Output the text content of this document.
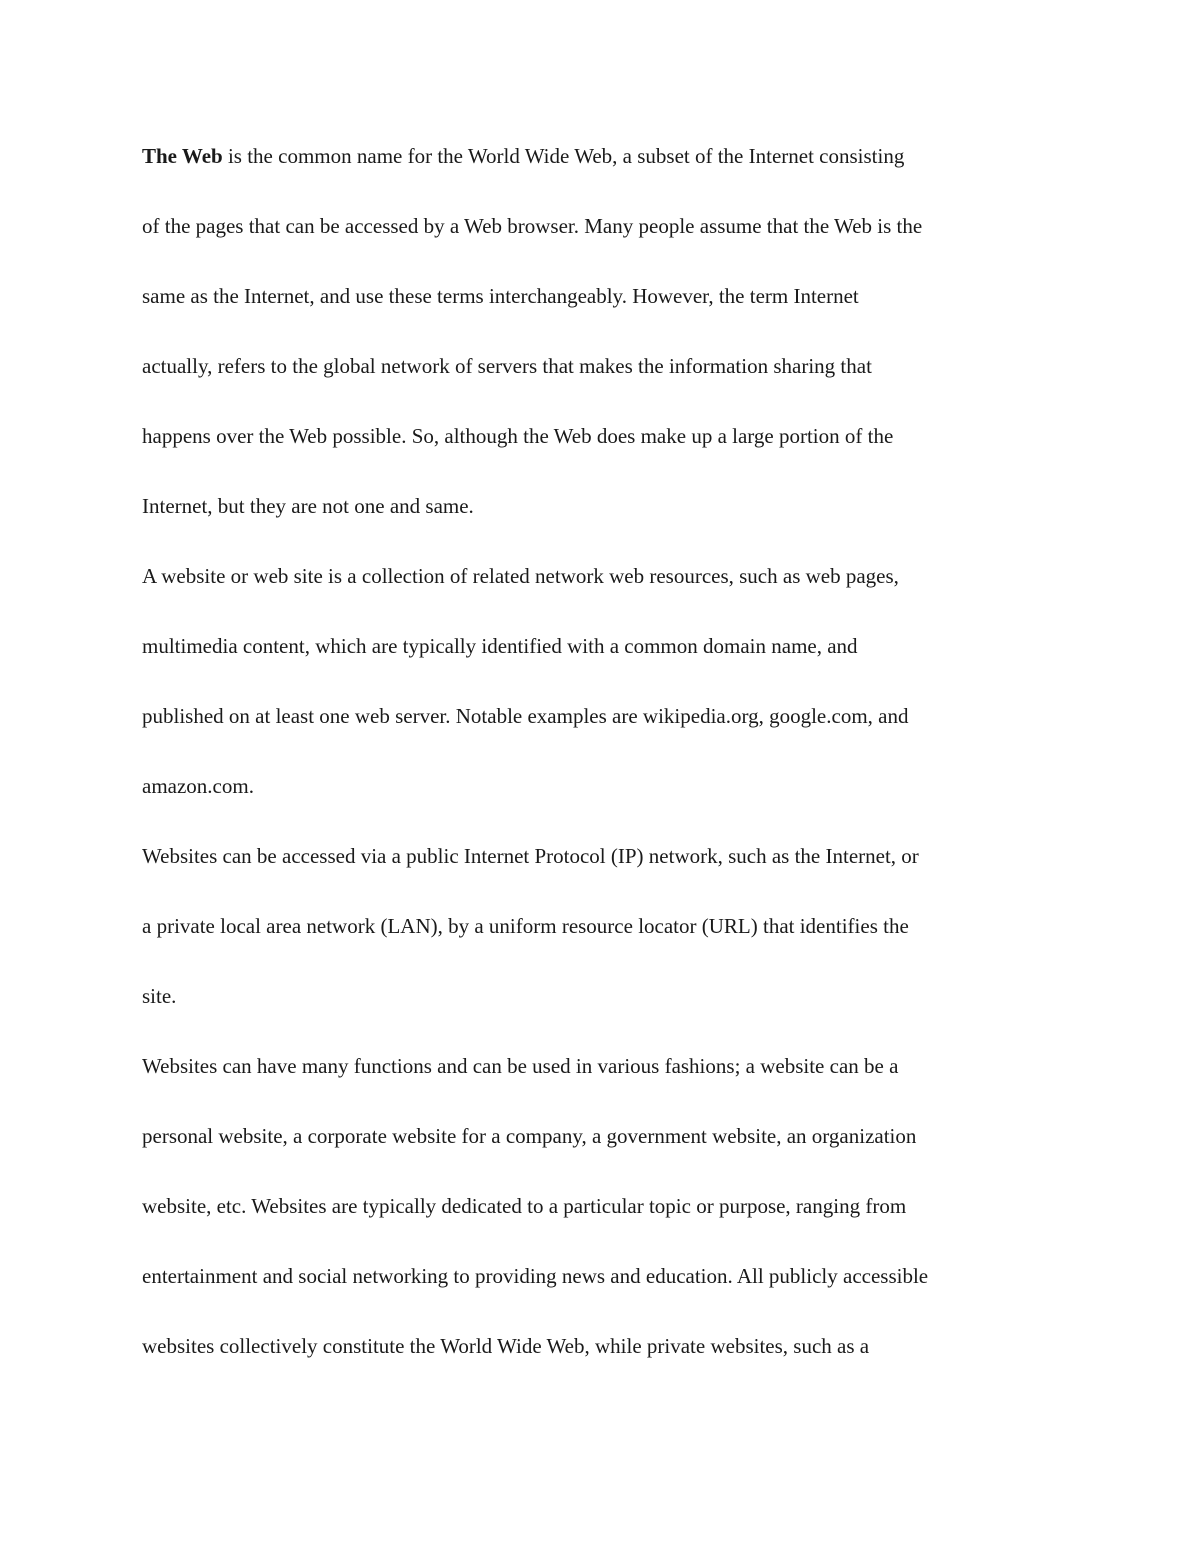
The Web is the common name for the World Wide Web, a subset of the Internet consisting
of the pages that can be accessed by a Web browser. Many people assume that the Web is the
same as the Internet, and use these terms interchangeably. However, the term Internet
actually, refers to the global network of servers that makes the information sharing that
happens over the Web possible. So, although the Web does make up a large portion of the
Internet, but they are not one and same.
A website or web site is a collection of related network web resources, such as web pages,
multimedia content, which are typically identified with a common domain name, and
published on at least one web server. Notable examples are wikipedia.org, google.com, and
amazon.com.
Websites can be accessed via a public Internet Protocol (IP) network, such as the Internet, or
a private local area network (LAN), by a uniform resource locator (URL) that identifies the
site.
Websites can have many functions and can be used in various fashions; a website can be a
personal website, a corporate website for a company, a government website, an organization
website, etc. Websites are typically dedicated to a particular topic or purpose, ranging from
entertainment and social networking to providing news and education. All publicly accessible
websites collectively constitute the World Wide Web, while private websites, such as a
